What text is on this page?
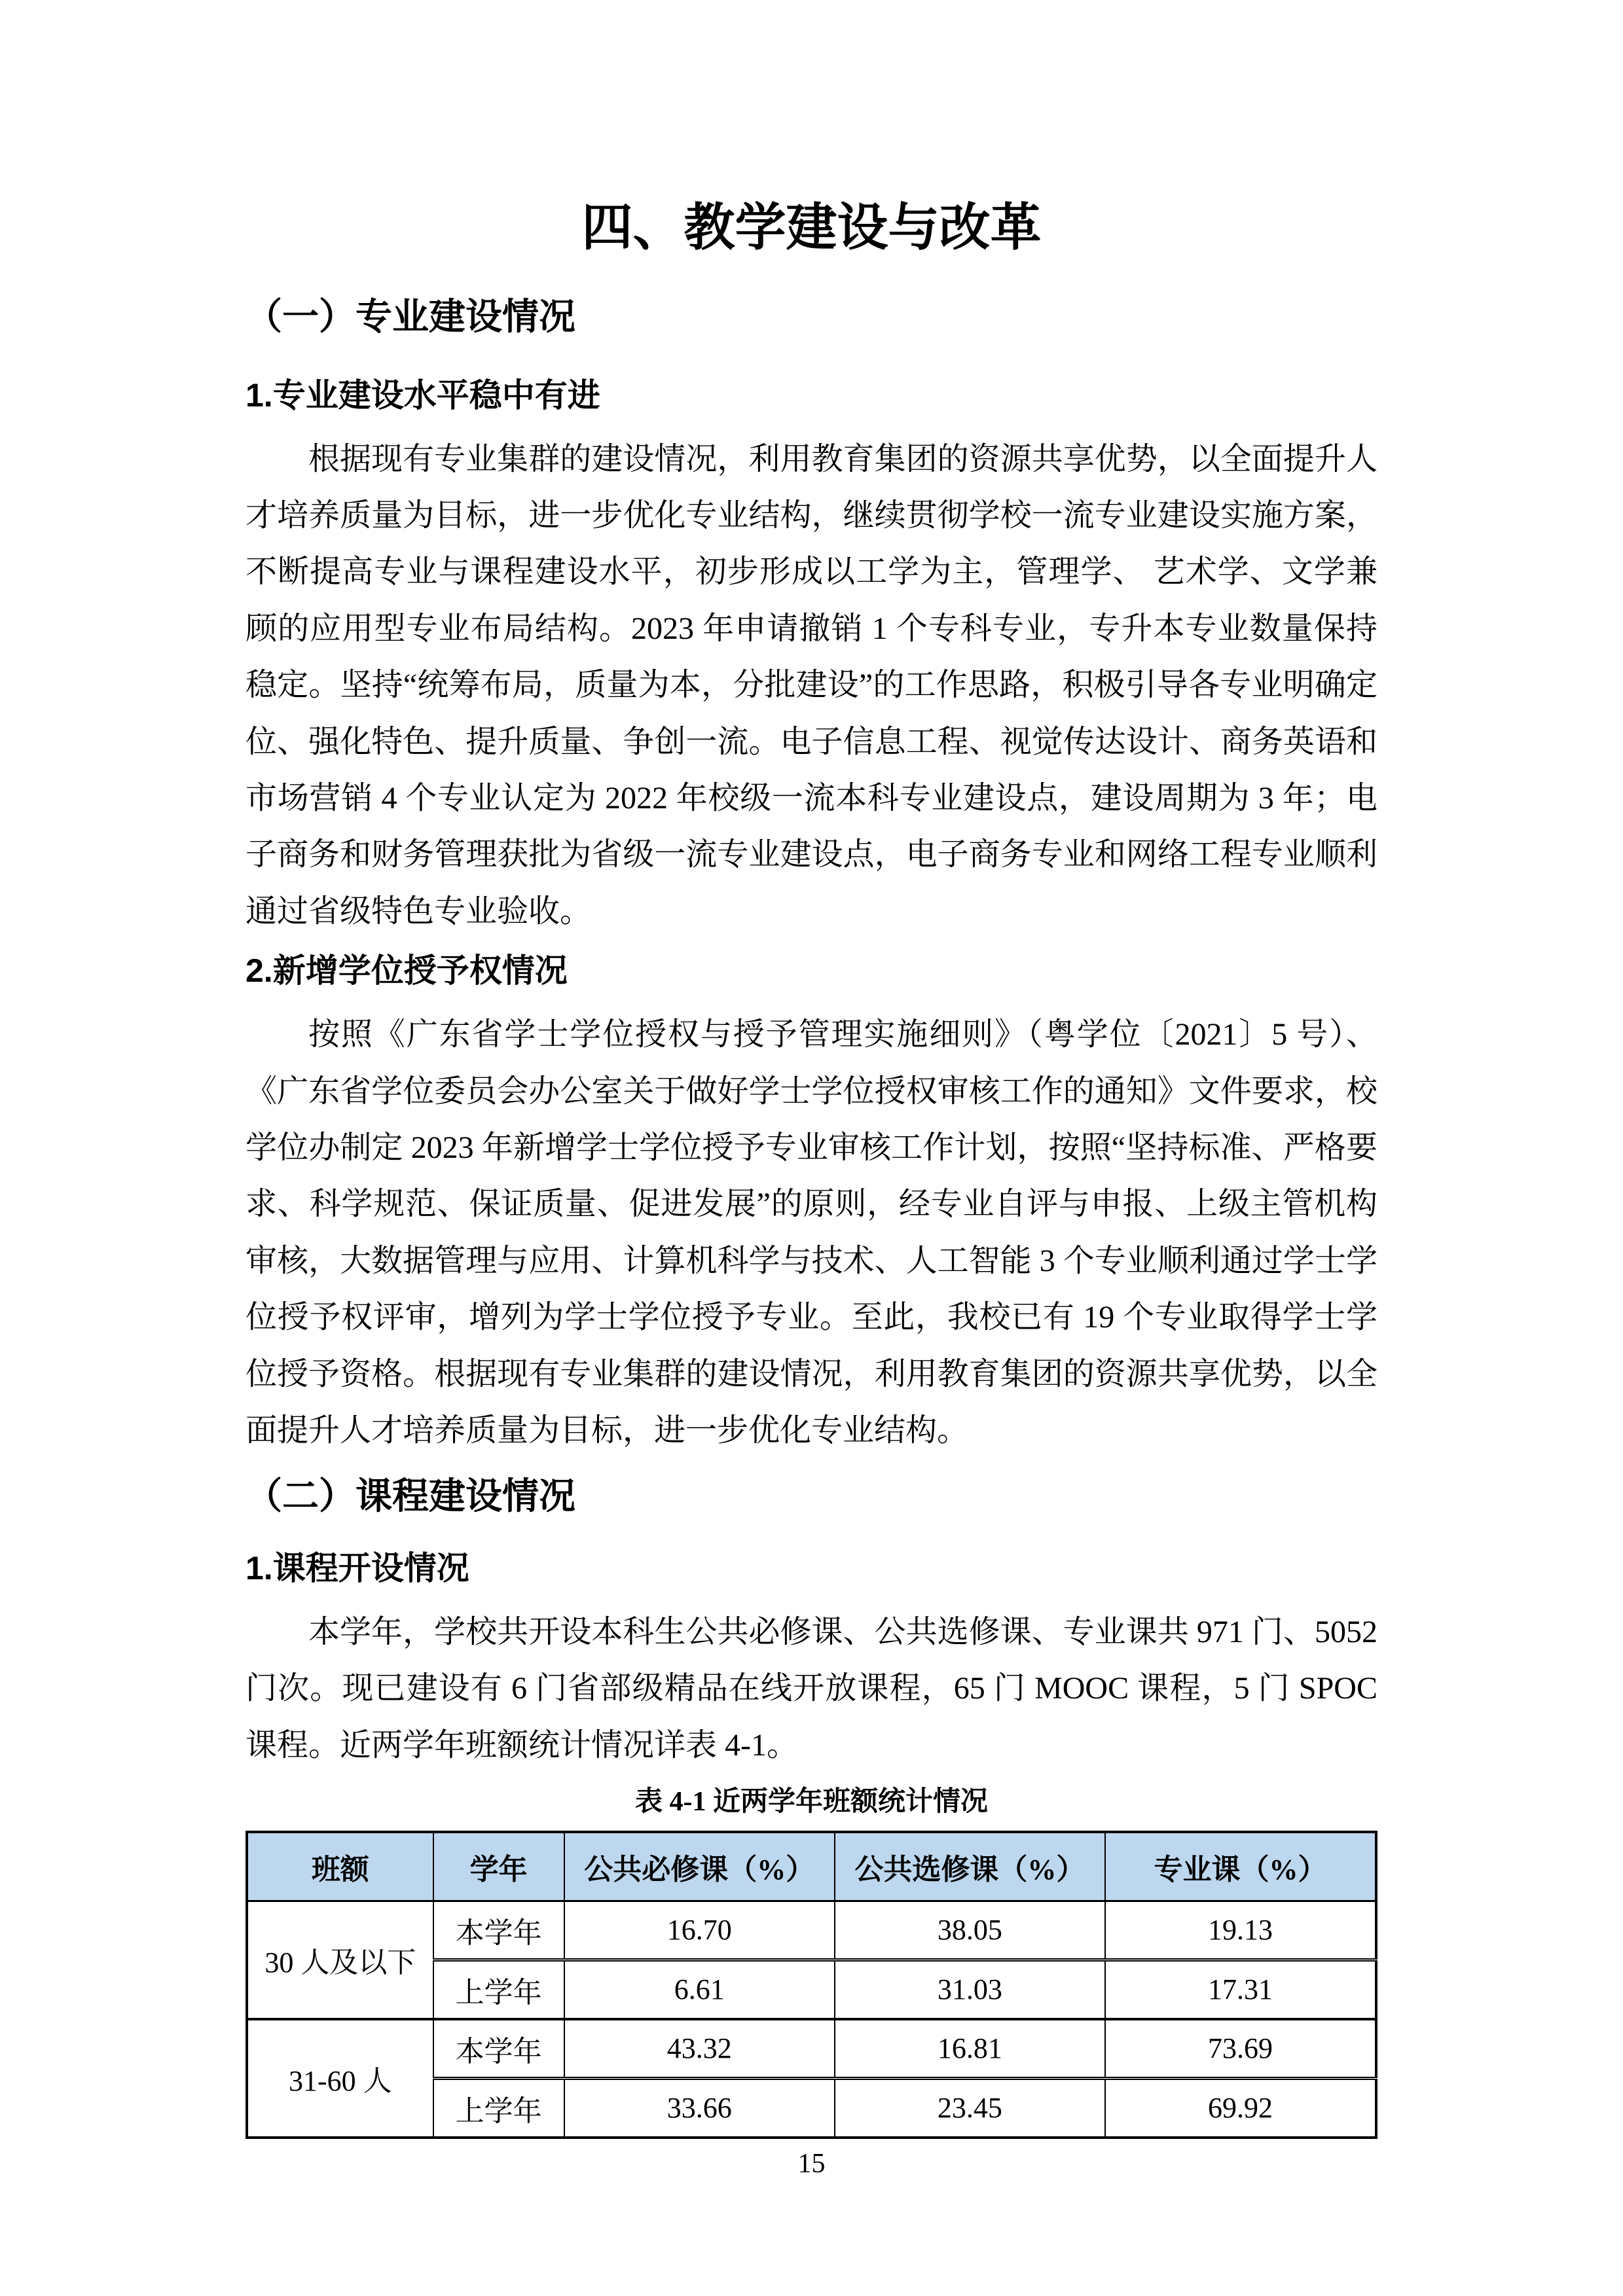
四、教学建设与改革
（一）专业建设情况
1.专业建设水平稳中有进

根据现有专业集群的建设情况，利用教育集团的资源共享优势，以全面提升人才培养质量为目标，进一步优化专业结构，继续贯彻学校一流专业建设实施方案，不断提高专业与课程建设水平，初步形成以工学为主，管理学、 艺术学、文学兼顾的应用型专业布局结构。2023 年申请撤销 1 个专科专业，专升本专业数量保持稳定。坚持“统筹布局，质量为本，分批建设”的工作思路，积极引导各专业明确定位、强化特色、提升质量、争创一流。电子信息工程、视觉传达设计、商务英语和市场营销 4 个专业认定为 2022 年校级一流本科专业建设点，建设周期为 3 年；电子商务和财务管理获批为省级一流专业建设点，电子商务专业和网络工程专业顺利通过省级特色专业验收。

2.新增学位授予权情况

按照《广东省学士学位授权与授予管理实施细则》（粤学位〔2021〕5 号）、《广东省学位委员会办公室关于做好学士学位授权审核工作的通知》文件要求，校学位办制定 2023 年新增学士学位授予专业审核工作计划，按照“坚持标准、严格要求、科学规范、保证质量、促进发展”的原则，经专业自评与申报、上级主管机构审核，大数据管理与应用、计算机科学与技术、人工智能 3 个专业顺利通过学士学位授予权评审，增列为学士学位授予专业。至此，我校已有 19 个专业取得学士学位授予资格。根据现有专业集群的建设情况，利用教育集团的资源共享优势，以全面提升人才培养质量为目标，进一步优化专业结构。

（二）课程建设情况
1.课程开设情况

本学年，学校共开设本科生公共必修课、公共选修课、专业课共 971 门、5052 门次。现已建设有 6 门省部级精品在线开放课程，65 门 MOOC 课程，5 门 SPOC 课程。近两学年班额统计情况详表 4-1。

表 4-1 近两学年班额统计情况
班额	学年	公共必修课（%）	公共选修课（%）	专业课（%）
30 人及以下	本学年	16.70	38.05	19.13
	上学年	6.61	31.03	17.31
31-60 人	本学年	43.32	16.81	73.69
	上学年	33.66	23.45	69.92
15
